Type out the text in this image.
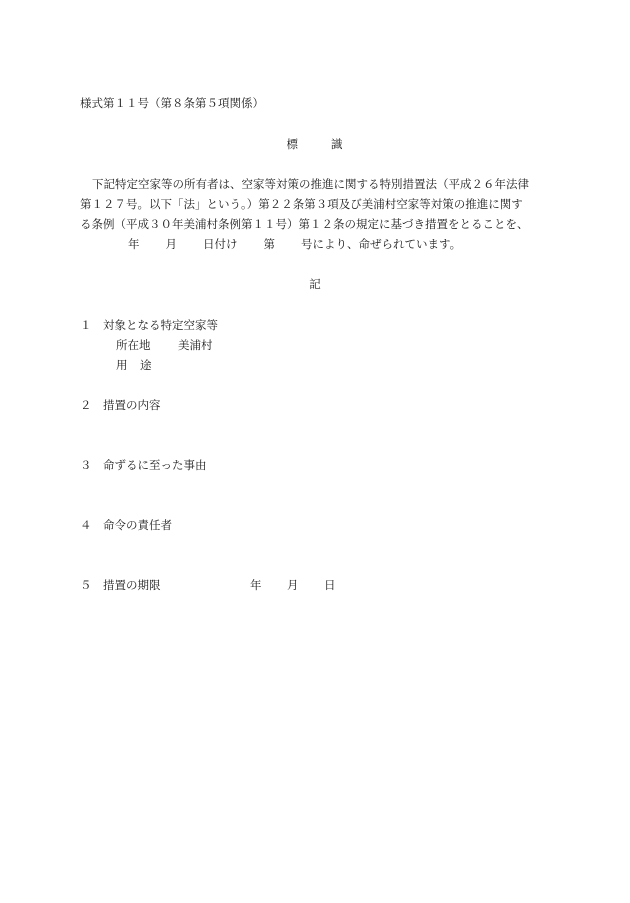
様式第１１号（第８条第５項関係）
標	識
下記特定空家等の所有者は、空家等対策の推進に関する特別措置法（平成２６年法律
第１２７号。以下「法」という。）第２２条第３項及び美浦村空家等対策の推進に関す
る条例（平成３０年美浦村条例第１１号）第１２条の規定に基づき措置をとることを、
年 月 日付け 第 号により、命ぜられています。
記
１ 対象となる特定空家等
所在地 美浦村
用 途
２ 措置の内容
３ 命ずるに至った事由
４ 命令の責任者
５ 措置の期限	年 月 日
